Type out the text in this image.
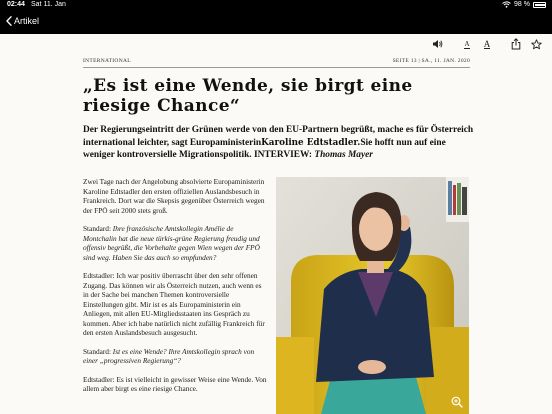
02:44 Sat 11. Jan	98 %
Artikel
A A
INTERNATIONAL	SEITE 13 | SA., 11. JAN. 2020
„Es ist eine Wende, sie birgt eine riesige Chance“

Der Regierungseintritt der Grünen werde von den EU-Partnern begrüßt, mache es für Österreich international leichter, sagt EuropaministerinKaroline Edtstadler.Sie hofft nun auf eine weniger kontroversielle Migrationspolitik. INTERVIEW: Thomas Mayer

Zwei Tage nach der Angelobung absolvierte Europaministerin Karoline Edtstadler den ersten offiziellen Auslandsbesuch in Frankreich. Dort war die Skepsis gegenüber Österreich wegen der FPÖ seit 2000 stets groß.

Standard: Ihre französische Amtskollegin Amélie de Montchalin hat die neue türkis-grüne Regierung freudig und offensiv begrüßt, die Vorbehalte gegen Wien wegen der FPÖ sind weg. Haben Sie das auch so empfunden?

Edtstadler: Ich war positiv überrascht über den sehr offenen Zugang. Das können wir als Österreich nutzen, auch wenn es in der Sache bei manchen Themen kontroversielle Einstellungen gibt. Mir ist es als Europaministerin ein Anliegen, mit allen EU-Mitgliedsstaaten ins Gespräch zu kommen. Aber ich habe natürlich nicht zufällig Frankreich für den ersten Auslandsbesuch ausgesucht.

Standard: Ist es eine Wende? Ihre Amtskollegin sprach von einer „progressiven Regierung“?

Edtstadler: Es ist vielleicht in gewisser Weise eine Wende. Von allem aber birgt es eine riesige Chance.
